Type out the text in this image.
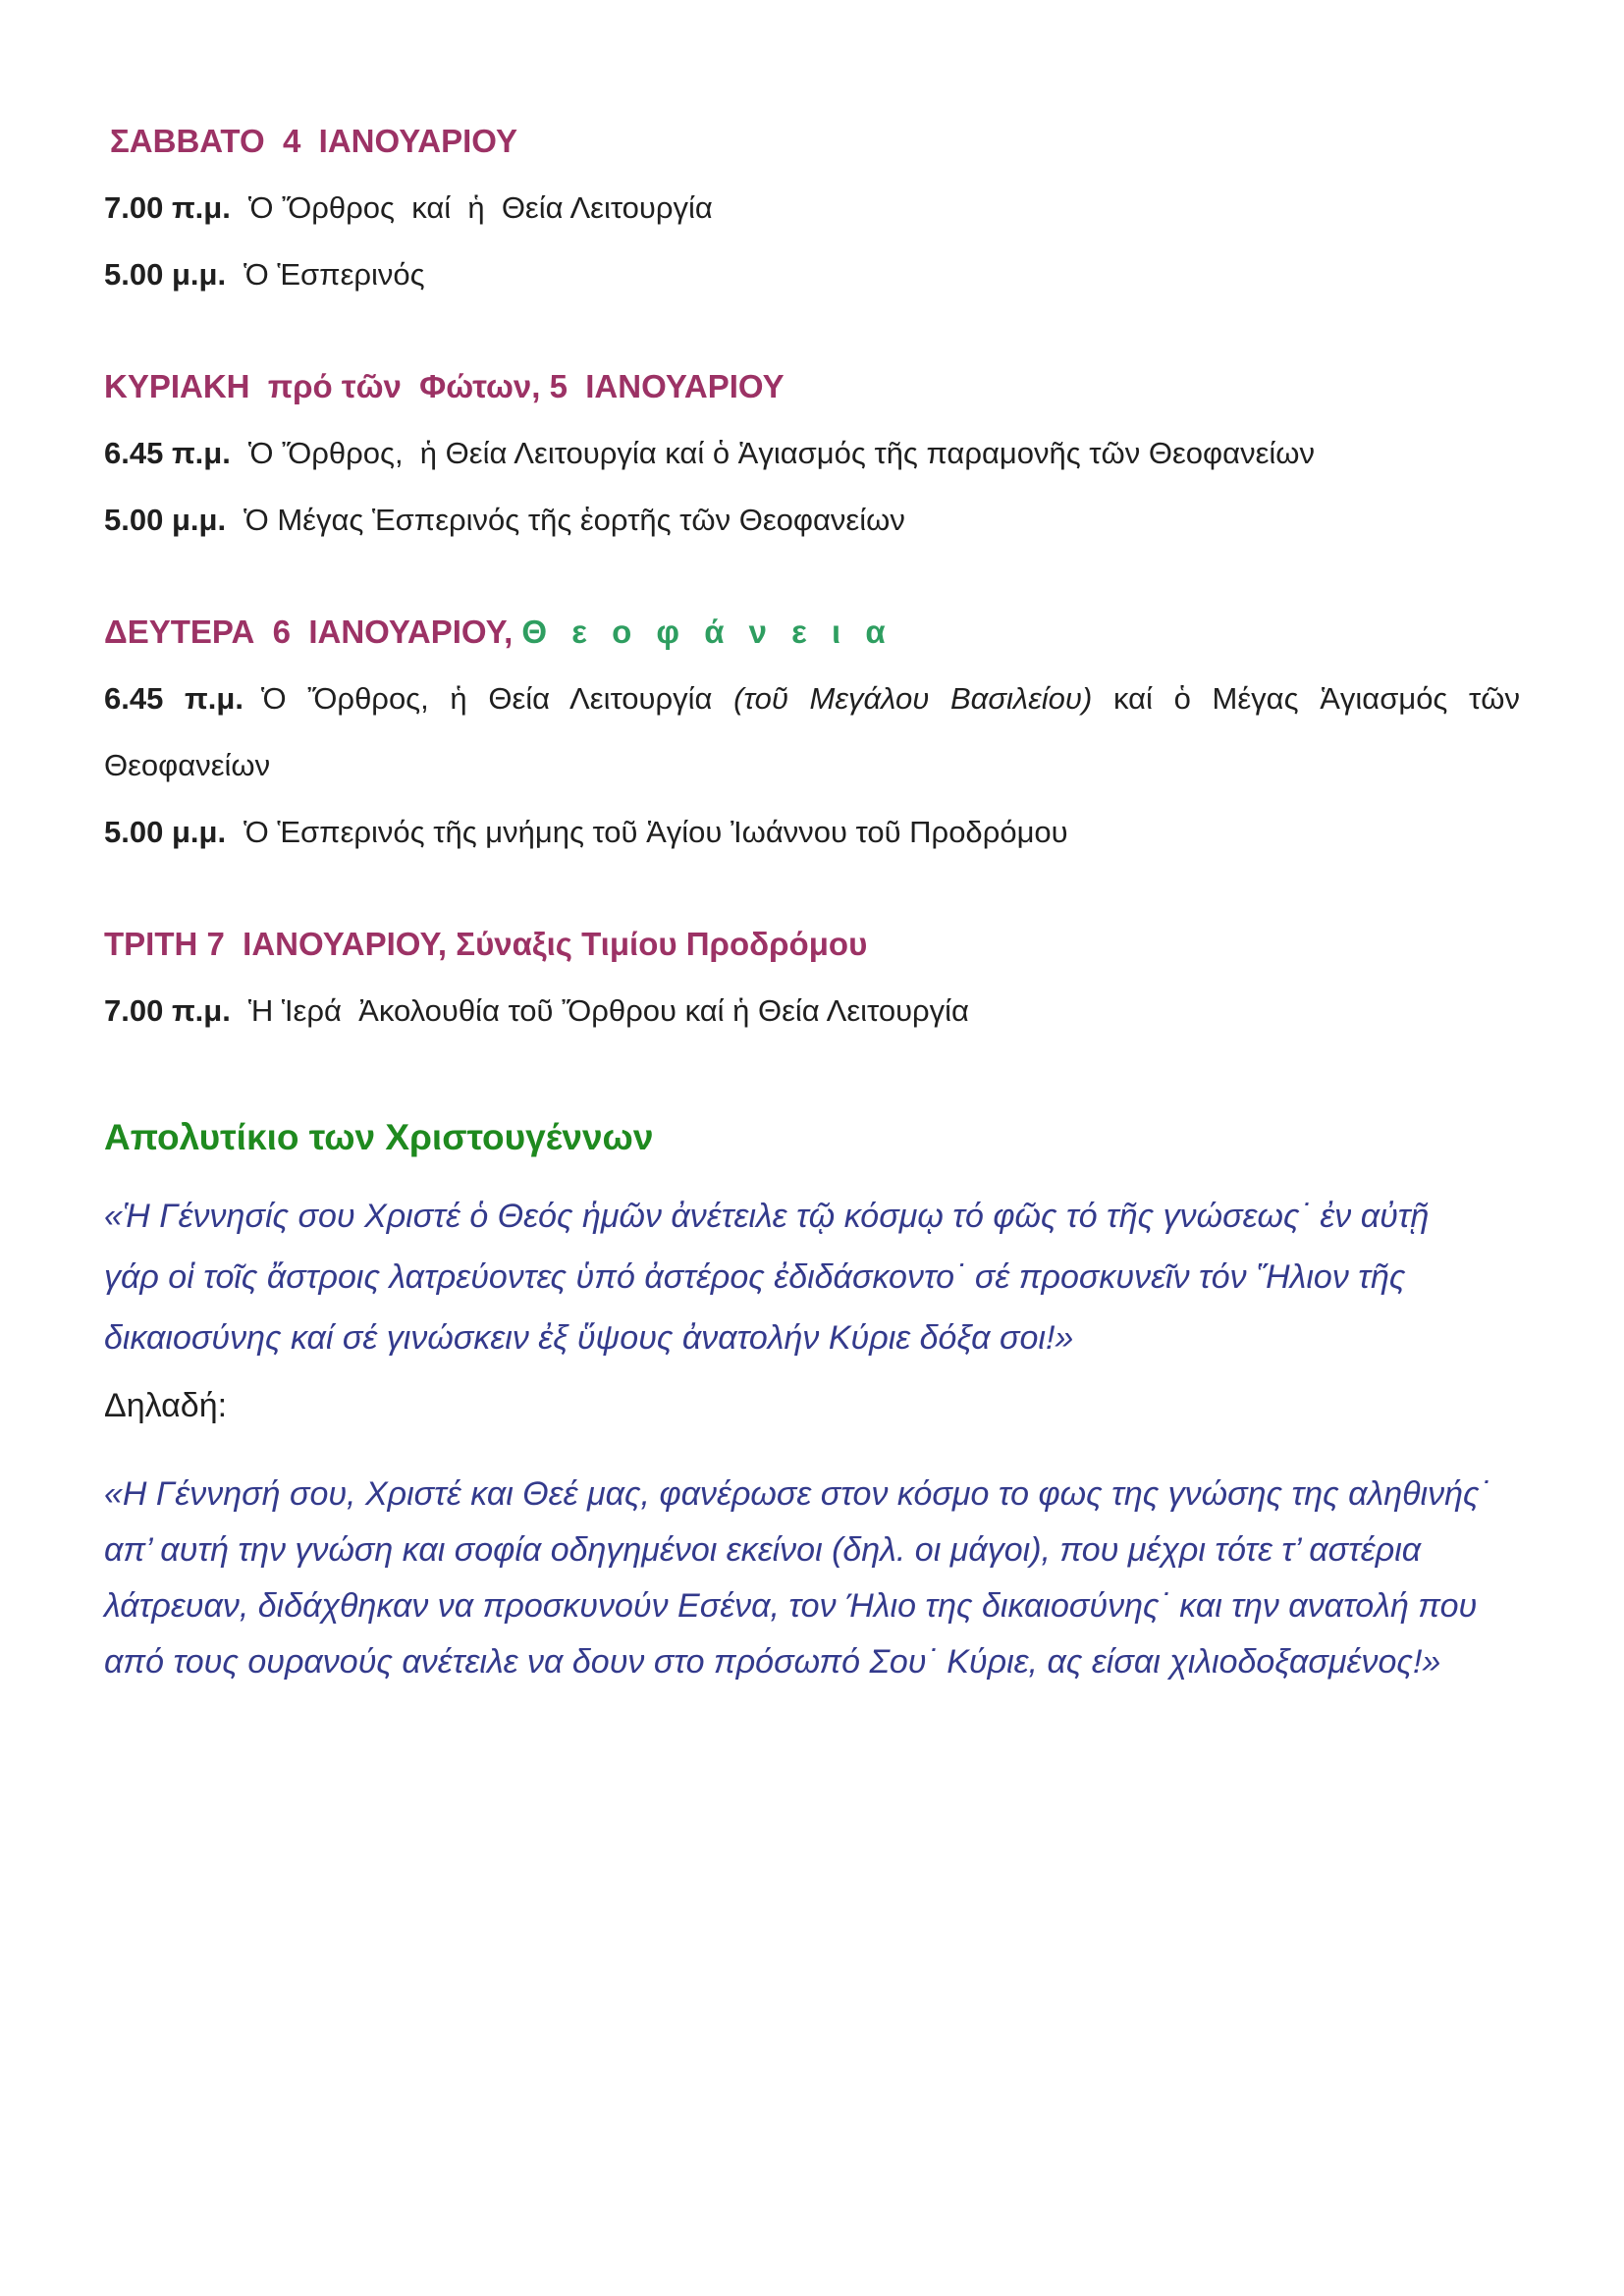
ΣΑΒΒΑΤΟ  4  ΙΑΝΟΥΑΡΙΟΥ

7.00 π.μ. Ὁ Ὄρθρος  καί  ἡ  Θεία Λειτουργία

5.00 μ.μ. Ὁ Ἑσπερινός

ΚΥΡΙΑΚΗ  πρό τῶν  Φώτων, 5  ΙΑΝΟΥΑΡΙΟΥ

6.45 π.μ. Ὁ Ὄρθρος,  ἡ Θεία Λειτουργία καί ὁ Ἁγιασμός τῆς παραμονῆς τῶν Θεοφανείων

5.00 μ.μ. Ὁ Μέγας Ἑσπερινός τῆς ἑορτῆς τῶν Θεοφανείων

ΔΕΥΤΕΡΑ  6  ΙΑΝΟΥΑΡΙΟΥ, Θ ε ο φ ά ν ε ι α

6.45 π.μ. Ὁ Ὄρθρος, ἡ Θεία Λειτουργία (τοῦ Μεγάλου Βασιλείου) καί ὁ Μέγας Ἁγιασμός τῶν Θεοφανείων

5.00 μ.μ. Ὁ Ἑσπερινός τῆς μνήμης τοῦ Ἁγίου Ἰωάννου τοῦ Προδρόμου

ΤΡΙΤΗ 7  ΙΑΝΟΥΑΡΙΟΥ, Σύναξις Τιμίου Προδρόμου

7.00 π.μ. Ἡ Ἱερά  Ἀκολουθία τοῦ Ὄρθρου καί ἡ Θεία Λειτουργία

Απολυτίκιο των Χριστουγέννων

«Ἡ Γέννησίς σου Χριστέ ὁ Θεός ἡμῶν ἀνέτειλε τῷ κόσμῳ τό φῶς τό τῆς γνώσεως˙ ἐν αὐτῇ γάρ οἱ τοῖς ἄστροις λατρεύοντες ὑπό ἀστέρος ἐδιδάσκοντο˙ σέ προσκυνεῖν τόν Ἥλιον τῆς δικαιοσύνης καί σέ γινώσκειν ἐξ ὕψους ἀνατολήν Κύριε δόξα σοι!»

Δηλαδή:

«Η Γέννησή σου, Χριστέ και Θεέ μας, φανέρωσε στον κόσμο το φως της γνώσης της αληθινής˙ απ’ αυτή την γνώση και σοφία οδηγημένοι εκείνοι (δηλ. οι μάγοι), που μέχρι τότε τ’ αστέρια λάτρευαν, διδάχθηκαν να προσκυνούν Εσένα, τον Ήλιο της δικαιοσύνης˙ και την ανατολή που από τους ουρανούς ανέτειλε να δουν στο πρόσωπό Σου˙ Κύριε, ας είσαι χιλιοδοξασμένος!»
